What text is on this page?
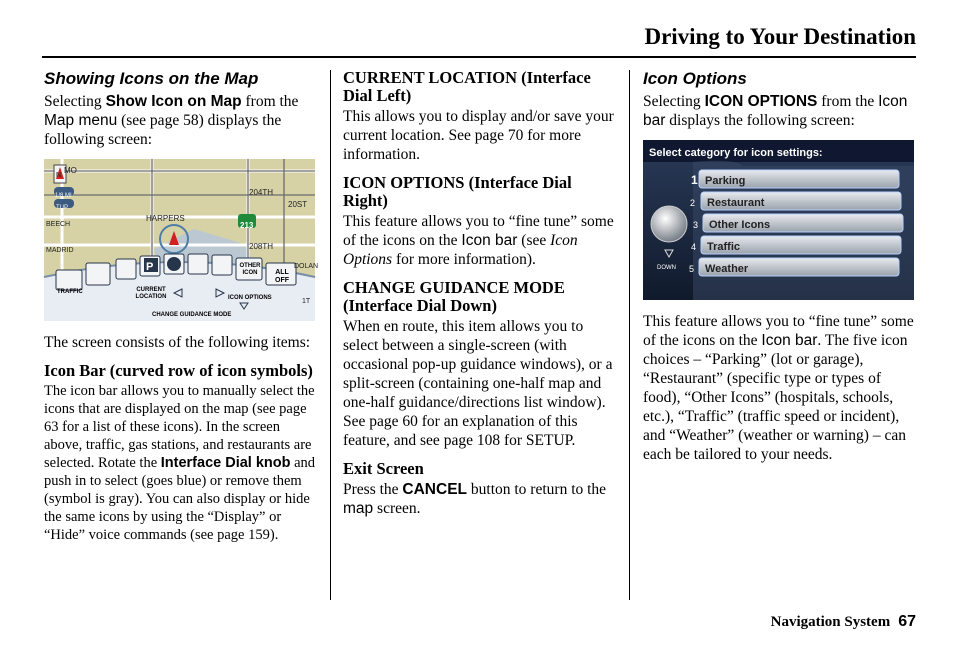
Driving to Your Destination
Showing Icons on the Map

Selecting Show Icon on Map from the Map menu (see page 58) displays the following screen:

MO
204TH
20ST
HARPERS
208TH
BEECH
MADRID
DOLAN
1T
213
N
1/8 MI
TUP
TRAFFIC
P	OTHER ICON	ALL OFF
CURRENT LOCATION	ICON OPTIONS
CHANGE GUIDANCE MODE

The screen consists of the following items:

Icon Bar (curved row of icon symbols)

The icon bar allows you to manually select the icons that are displayed on the map (see page 63 for a list of these icons). In the screen above, traffic, gas stations, and restaurants are selected. Rotate the Interface Dial knob and push in to select (goes blue) or remove them (symbol is gray). You can also display or hide the same icons by using the “Display” or “Hide” voice commands (see page 159).

CURRENT LOCATION (Interface Dial Left)

This allows you to display and/or save your current location. See page 70 for more information.

ICON OPTIONS (Interface Dial Right)

This feature allows you to “fine tune” some of the icons on the Icon bar (see Icon Options for more information).

CHANGE GUIDANCE MODE (Interface Dial Down)

When en route, this item allows you to select between a single-screen (with occasional pop-up guidance windows), or a split-screen (containing one-half map and one-half guidance/directions list window). See page 60 for an explanation of this feature, and see page 108 for SETUP.

Exit Screen

Press the CANCEL button to return to the map screen.

Icon Options

Selecting ICON OPTIONS from the Icon bar displays the following screen:

Select category for icon settings:
1 Parking
2 Restaurant
3 Other Icons
4 Traffic
5 Weather
DOWN

This feature allows you to “fine tune” some of the icons on the Icon bar. The five icon choices – “Parking” (lot or garage), “Restaurant” (specific type or types of food), “Other Icons” (hospitals, schools, etc.), “Traffic” (traffic speed or incident), and “Weather” (weather or warning) – can each be tailored to your needs.

Navigation System 67
